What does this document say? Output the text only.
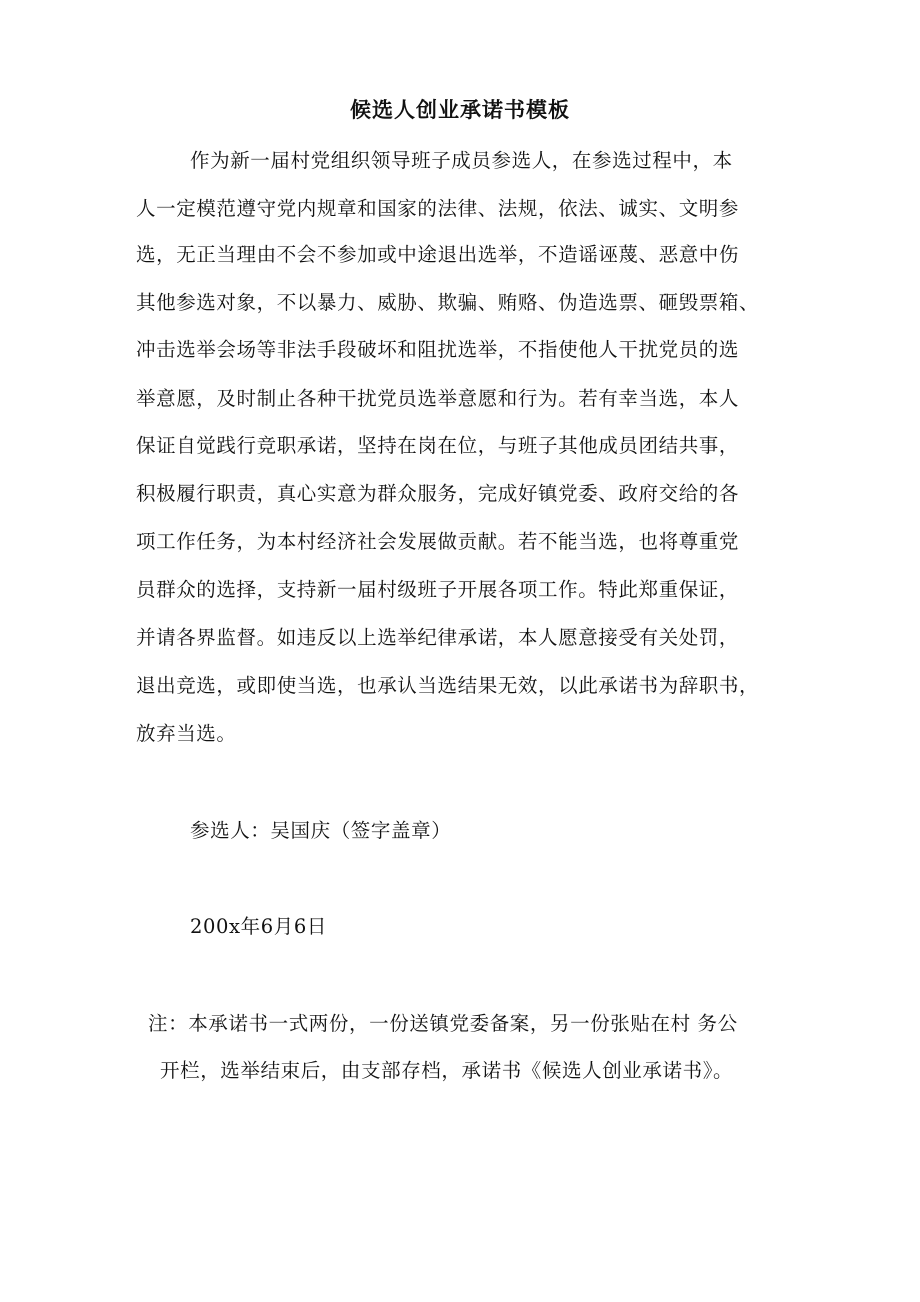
候选人创业承诺书模板
作为新一届村党组织领导班子成员参选人，在参选过程中，本
人一定模范遵守党内规章和国家的法律、法规，依法、诚实、文明参
选，无正当理由不会不参加或中途退出选举，不造谣诬蔑、恶意中伤
其他参选对象，不以暴力、威胁、欺骗、贿赂、伪造选票、砸毁票箱、
冲击选举会场等非法手段破坏和阻扰选举，不指使他人干扰党员的选
举意愿，及时制止各种干扰党员选举意愿和行为。若有幸当选，本人
保证自觉践行竞职承诺，坚持在岗在位，与班子其他成员团结共事，
积极履行职责，真心实意为群众服务，完成好镇党委、政府交给的各
项工作任务，为本村经济社会发展做贡献。若不能当选，也将尊重党
员群众的选择，支持新一届村级班子开展各项工作。特此郑重保证，
并请各界监督。如违反以上选举纪律承诺，本人愿意接受有关处罚，
退出竞选，或即使当选，也承认当选结果无效，以此承诺书为辞职书，
放弃当选。
参选人：吴国庆（签字盖章）
200x年6月6日
注：本承诺书一式两份，一份送镇党委备案，另一份张贴在村 务公
开栏，选举结束后，由支部存档，承诺书《候选人创业承诺书》。
